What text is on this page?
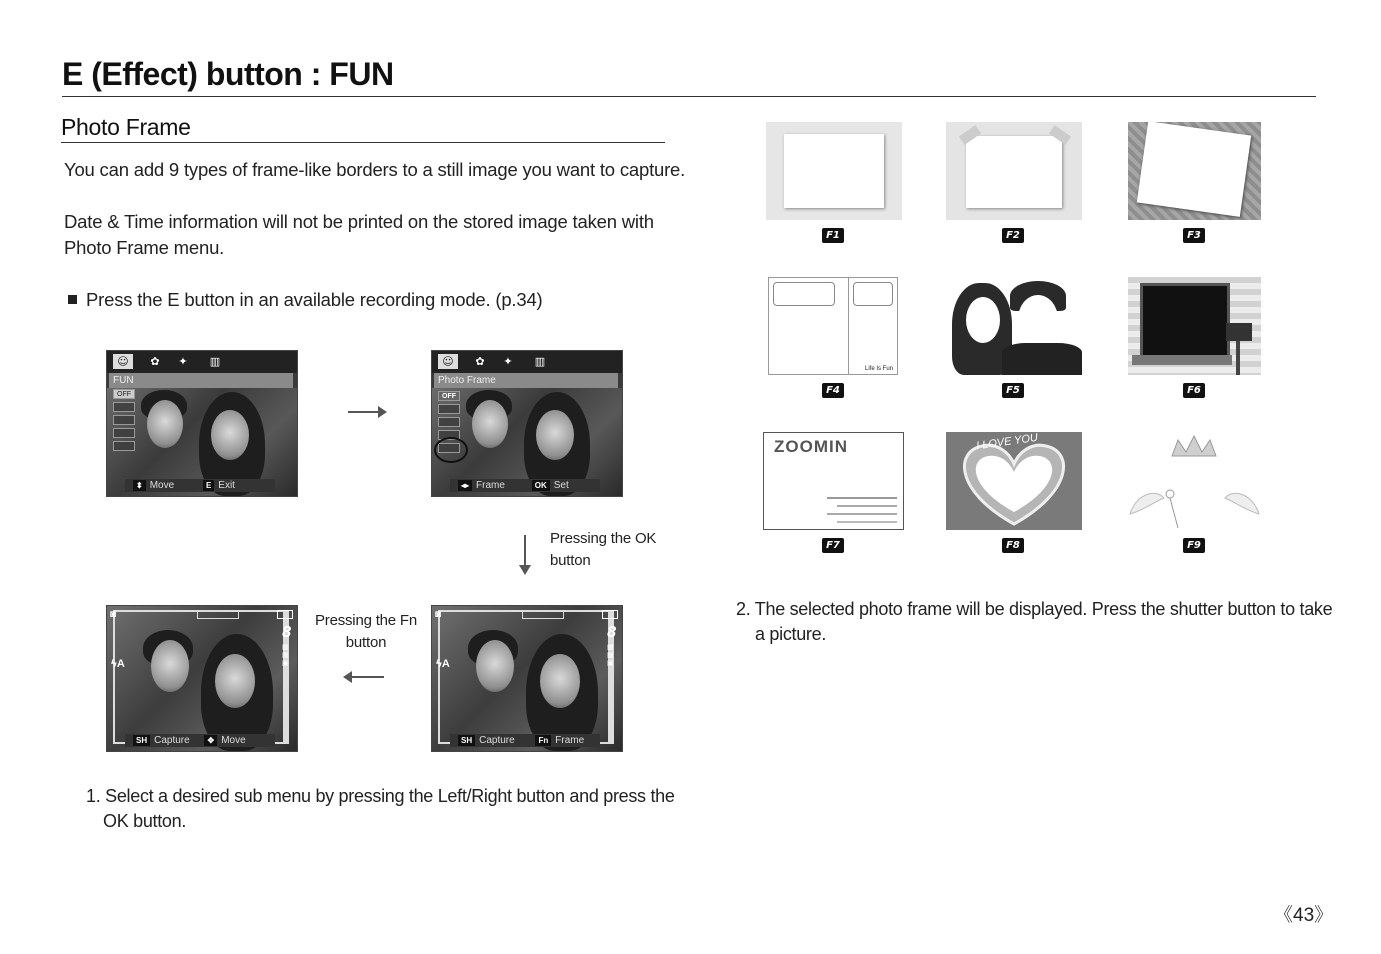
E (Effect) button : FUN
Photo Frame
You can add 9 types of frame-like borders to a still image you want to capture.
Date & Time information will not be printed on the stored image taken with Photo Frame menu.
Press the E button in an available recording mode. (p.34)
☺	✿	✦	▥
FUN
OFF
⬍ Move	E Exit
☺	✿	✦	▥
Photo Frame
OFF
◂▸ Frame	OK Set
Pressing the OK button
◙
8
▦
▦
▣
ϟA
SH Capture ✥ Move
Pressing the Fn button
◙
8
▦
▦
▣
ϟA
SH Capture	Fn Frame
1. Select a desired sub menu by pressing the Left/Right button and press the OK button.
F1	F2	F3
Life Is Fun
F4	F5	F6
ZOOMIN
F7
I LOVE YOU
F8	F9
2. The selected photo frame will be displayed. Press the shutter button to take a picture.
《43》
